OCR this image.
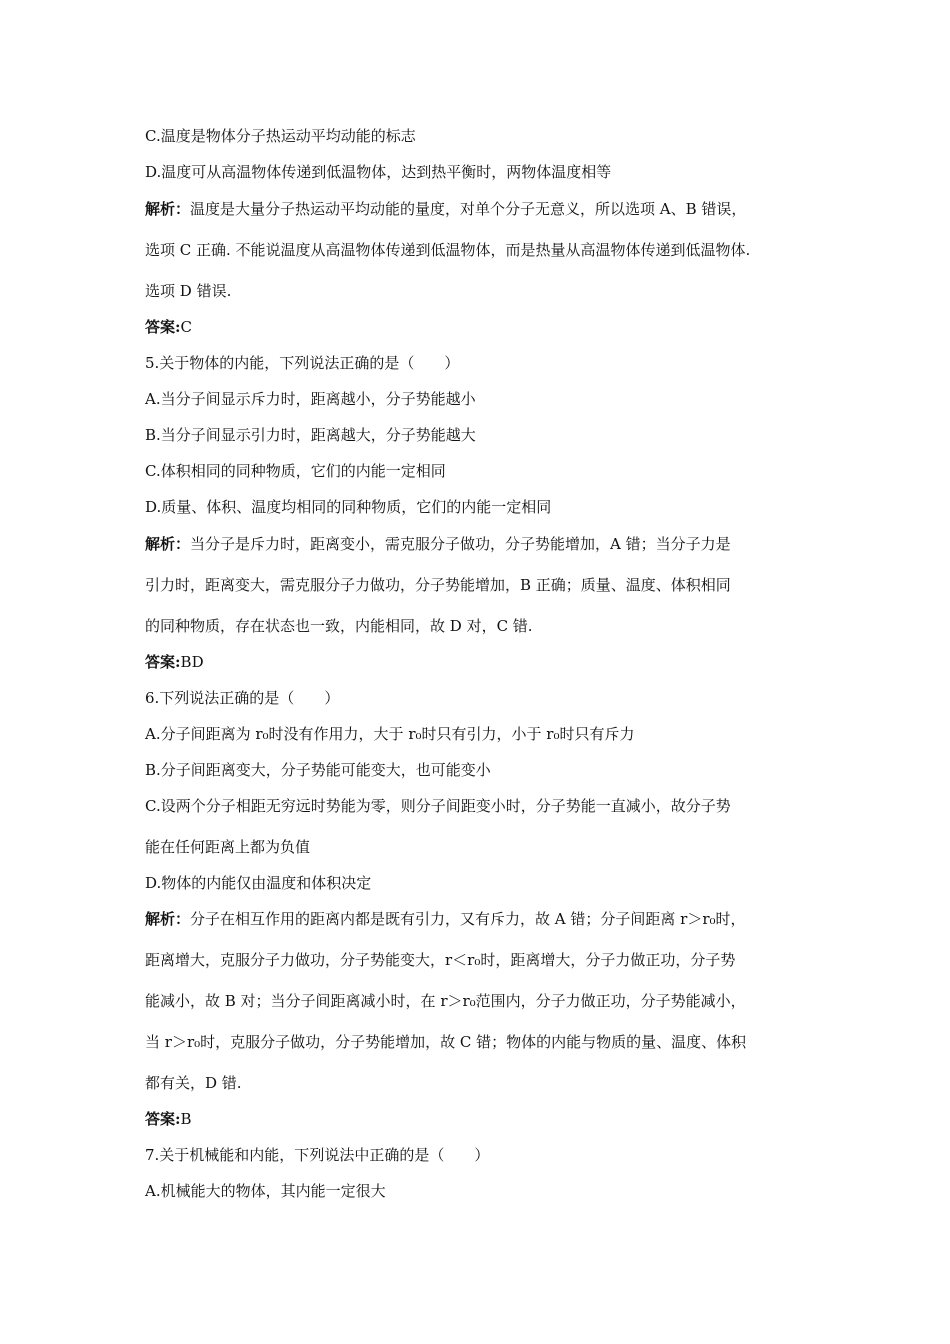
C.温度是物体分子热运动平均动能的标志
D.温度可从高温物体传递到低温物体，达到热平衡时，两物体温度相等
解析：温度是大量分子热运动平均动能的量度，对单个分子无意义，所以选项 A、B 错误，
选项 C 正确. 不能说温度从高温物体传递到低温物体，而是热量从高温物体传递到低温物体.
选项 D 错误.
答案:C
5.关于物体的内能，下列说法正确的是（　　）
A.当分子间显示斥力时，距离越小，分子势能越小
B.当分子间显示引力时，距离越大，分子势能越大
C.体积相同的同种物质，它们的内能一定相同
D.质量、体积、温度均相同的同种物质，它们的内能一定相同
解析：当分子是斥力时，距离变小，需克服分子做功，分子势能增加，A 错；当分子力是
引力时，距离变大，需克服分子力做功，分子势能增加，B 正确；质量、温度、体积相同
的同种物质，存在状态也一致，内能相同，故 D 对，C 错.
答案:BD
6.下列说法正确的是（　　）
A.分子间距离为 r₀时没有作用力，大于 r₀时只有引力，小于 r₀时只有斥力
B.分子间距离变大，分子势能可能变大，也可能变小
C.设两个分子相距无穷远时势能为零，则分子间距变小时，分子势能一直减小，故分子势
能在任何距离上都为负值
D.物体的内能仅由温度和体积决定
解析：分子在相互作用的距离内都是既有引力，又有斥力，故 A 错；分子间距离 r＞r₀时，
距离增大，克服分子力做功，分子势能变大，r＜r₀时，距离增大，分子力做正功，分子势
能减小，故 B 对；当分子间距离减小时，在 r＞r₀范围内，分子力做正功，分子势能减小，
当 r＞r₀时，克服分子做功，分子势能增加，故 C 错；物体的内能与物质的量、温度、体积
都有关，D 错.
答案:B
7.关于机械能和内能，下列说法中正确的是（　　）
A.机械能大的物体，其内能一定很大
